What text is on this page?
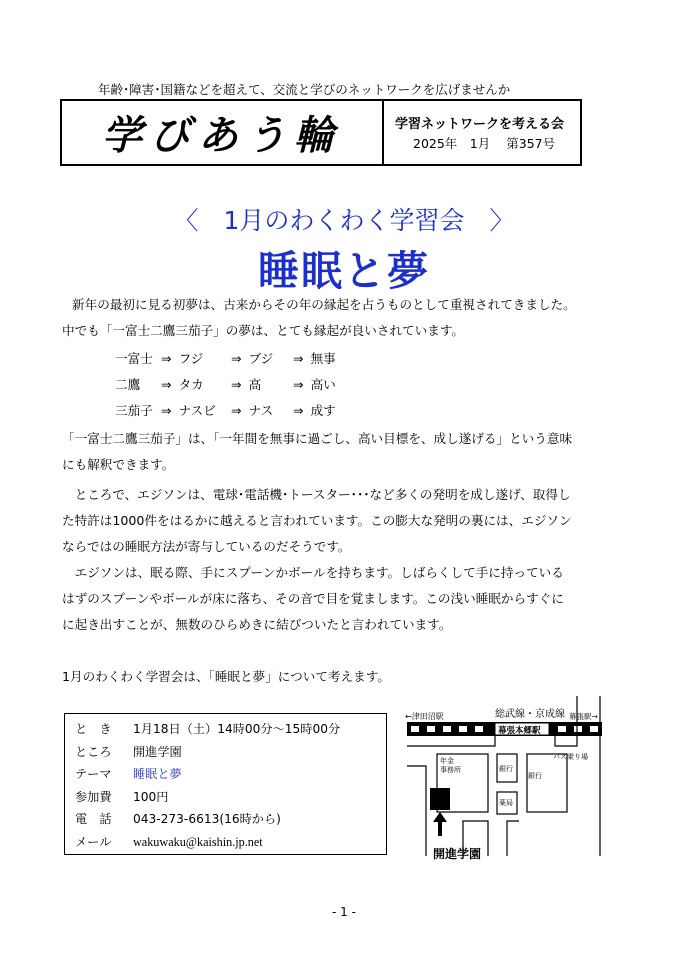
年齢･障害･国籍などを超えて、交流と学びのネットワークを広げませんか
学びあう輪	学習ネットワークを考える会
2025年　1月 第357号
〈　1月のわくわく学習会　〉
睡眠と夢
新年の最初に見る初夢は、古来からその年の縁起を占うものとして重視されてきました。
中でも「一富士二鷹三茄子」の夢は、とても縁起が良いされています。
一富士 ⇒ フジ	⇒ ブジ	⇒ 無事
二鷹	⇒ タカ	⇒ 高	⇒ 高い
三茄子 ⇒ ナスビ	⇒ ナス	⇒ 成す
「一富士二鷹三茄子」は、「一年間を無事に過ごし、高い目標を、成し遂げる」という意味
にも解釈できます。
　ところで、エジソンは、電球･電話機･トースター･･･など多くの発明を成し遂げ、取得し
た特許は1000件をはるかに越えると言われています。この膨大な発明の裏には、エジソン
ならではの睡眠方法が寄与しているのだそうです。
　エジソンは、眠る際、手にスプーンかボールを持ちます。しばらくして手に持っている
はずのスプーンやボールが床に落ち、その音で目を覚まします。この浅い睡眠からすぐに
に起き出すことが、無数のひらめきに結びついたと言われています。
1月のわくわく学習会は、「睡眠と夢」について考えます。
と　き	1月18日（土）14時00分～15時00分
ところ	開進学園
テーマ	睡眠と夢
参加費	100円
電　話	043-273-6613(16時から)
メール	wakuwaku@kaishin.jp.net
←津田沼駅	総武線・京成線 幕張駅→
幕張本郷駅
年金
事務所	銀行
薬局
銀行
バス乗り場
開進学園
- 1 -
